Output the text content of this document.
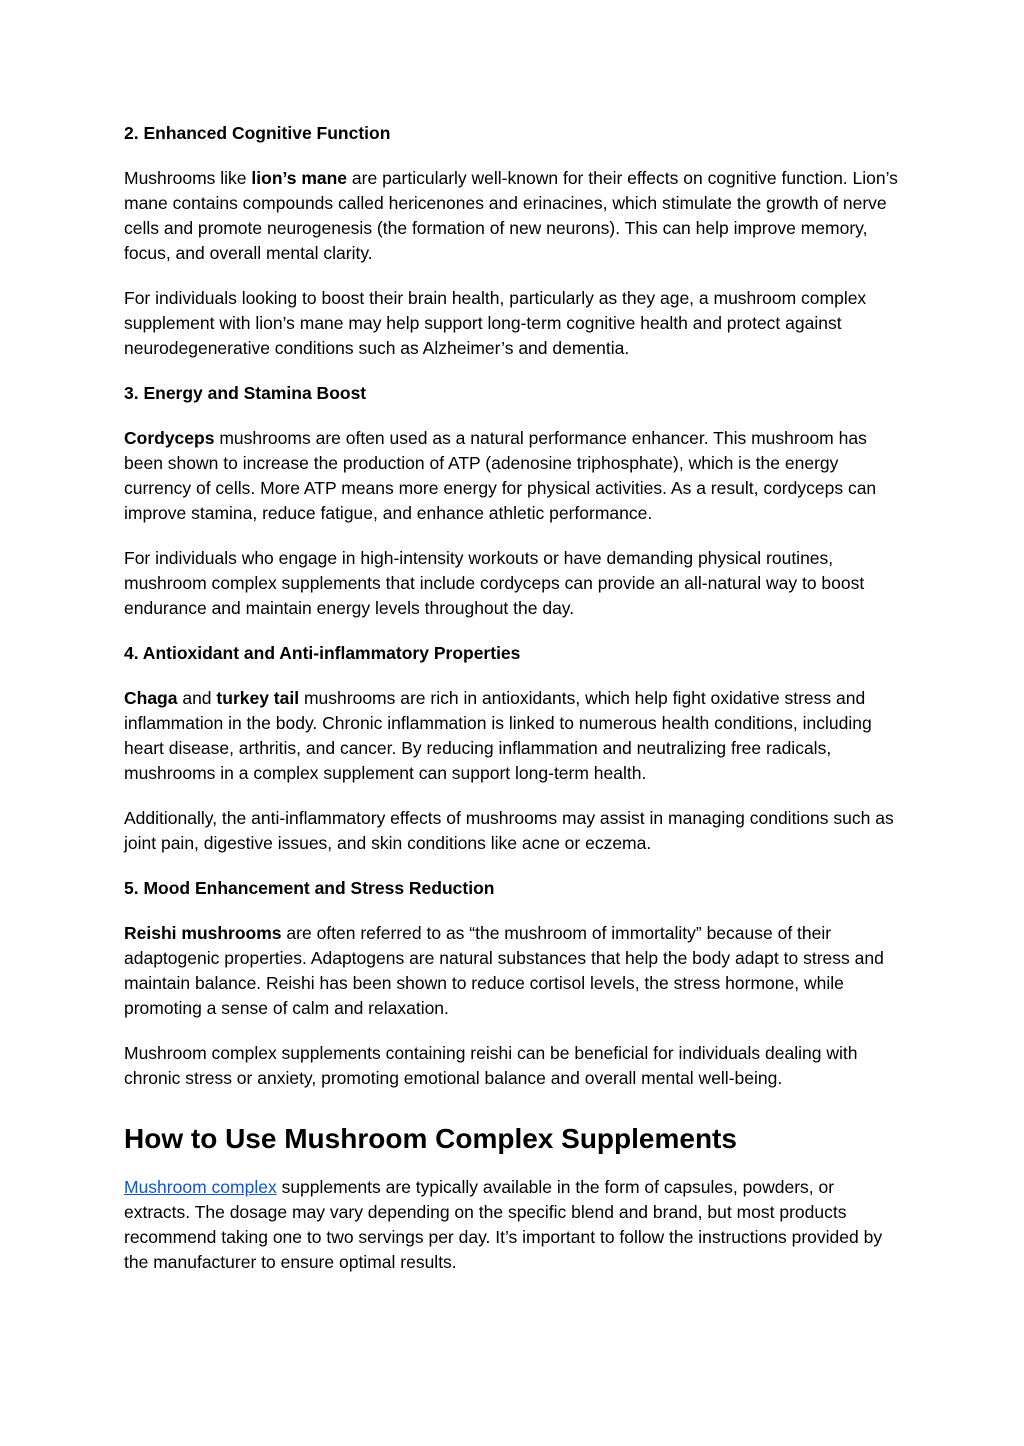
2. Enhanced Cognitive Function

Mushrooms like lion’s mane are particularly well-known for their effects on cognitive function. Lion’s mane contains compounds called hericenones and erinacines, which stimulate the growth of nerve cells and promote neurogenesis (the formation of new neurons). This can help improve memory, focus, and overall mental clarity.

For individuals looking to boost their brain health, particularly as they age, a mushroom complex supplement with lion’s mane may help support long-term cognitive health and protect against neurodegenerative conditions such as Alzheimer’s and dementia.

3. Energy and Stamina Boost

Cordyceps mushrooms are often used as a natural performance enhancer. This mushroom has been shown to increase the production of ATP (adenosine triphosphate), which is the energy currency of cells. More ATP means more energy for physical activities. As a result, cordyceps can improve stamina, reduce fatigue, and enhance athletic performance.

For individuals who engage in high-intensity workouts or have demanding physical routines, mushroom complex supplements that include cordyceps can provide an all-natural way to boost endurance and maintain energy levels throughout the day.

4. Antioxidant and Anti-inflammatory Properties

Chaga and turkey tail mushrooms are rich in antioxidants, which help fight oxidative stress and inflammation in the body. Chronic inflammation is linked to numerous health conditions, including heart disease, arthritis, and cancer. By reducing inflammation and neutralizing free radicals, mushrooms in a complex supplement can support long-term health.

Additionally, the anti-inflammatory effects of mushrooms may assist in managing conditions such as joint pain, digestive issues, and skin conditions like acne or eczema.

5. Mood Enhancement and Stress Reduction

Reishi mushrooms are often referred to as “the mushroom of immortality” because of their adaptogenic properties. Adaptogens are natural substances that help the body adapt to stress and maintain balance. Reishi has been shown to reduce cortisol levels, the stress hormone, while promoting a sense of calm and relaxation.

Mushroom complex supplements containing reishi can be beneficial for individuals dealing with chronic stress or anxiety, promoting emotional balance and overall mental well-being.

How to Use Mushroom Complex Supplements

Mushroom complex supplements are typically available in the form of capsules, powders, or extracts. The dosage may vary depending on the specific blend and brand, but most products recommend taking one to two servings per day. It’s important to follow the instructions provided by the manufacturer to ensure optimal results.
